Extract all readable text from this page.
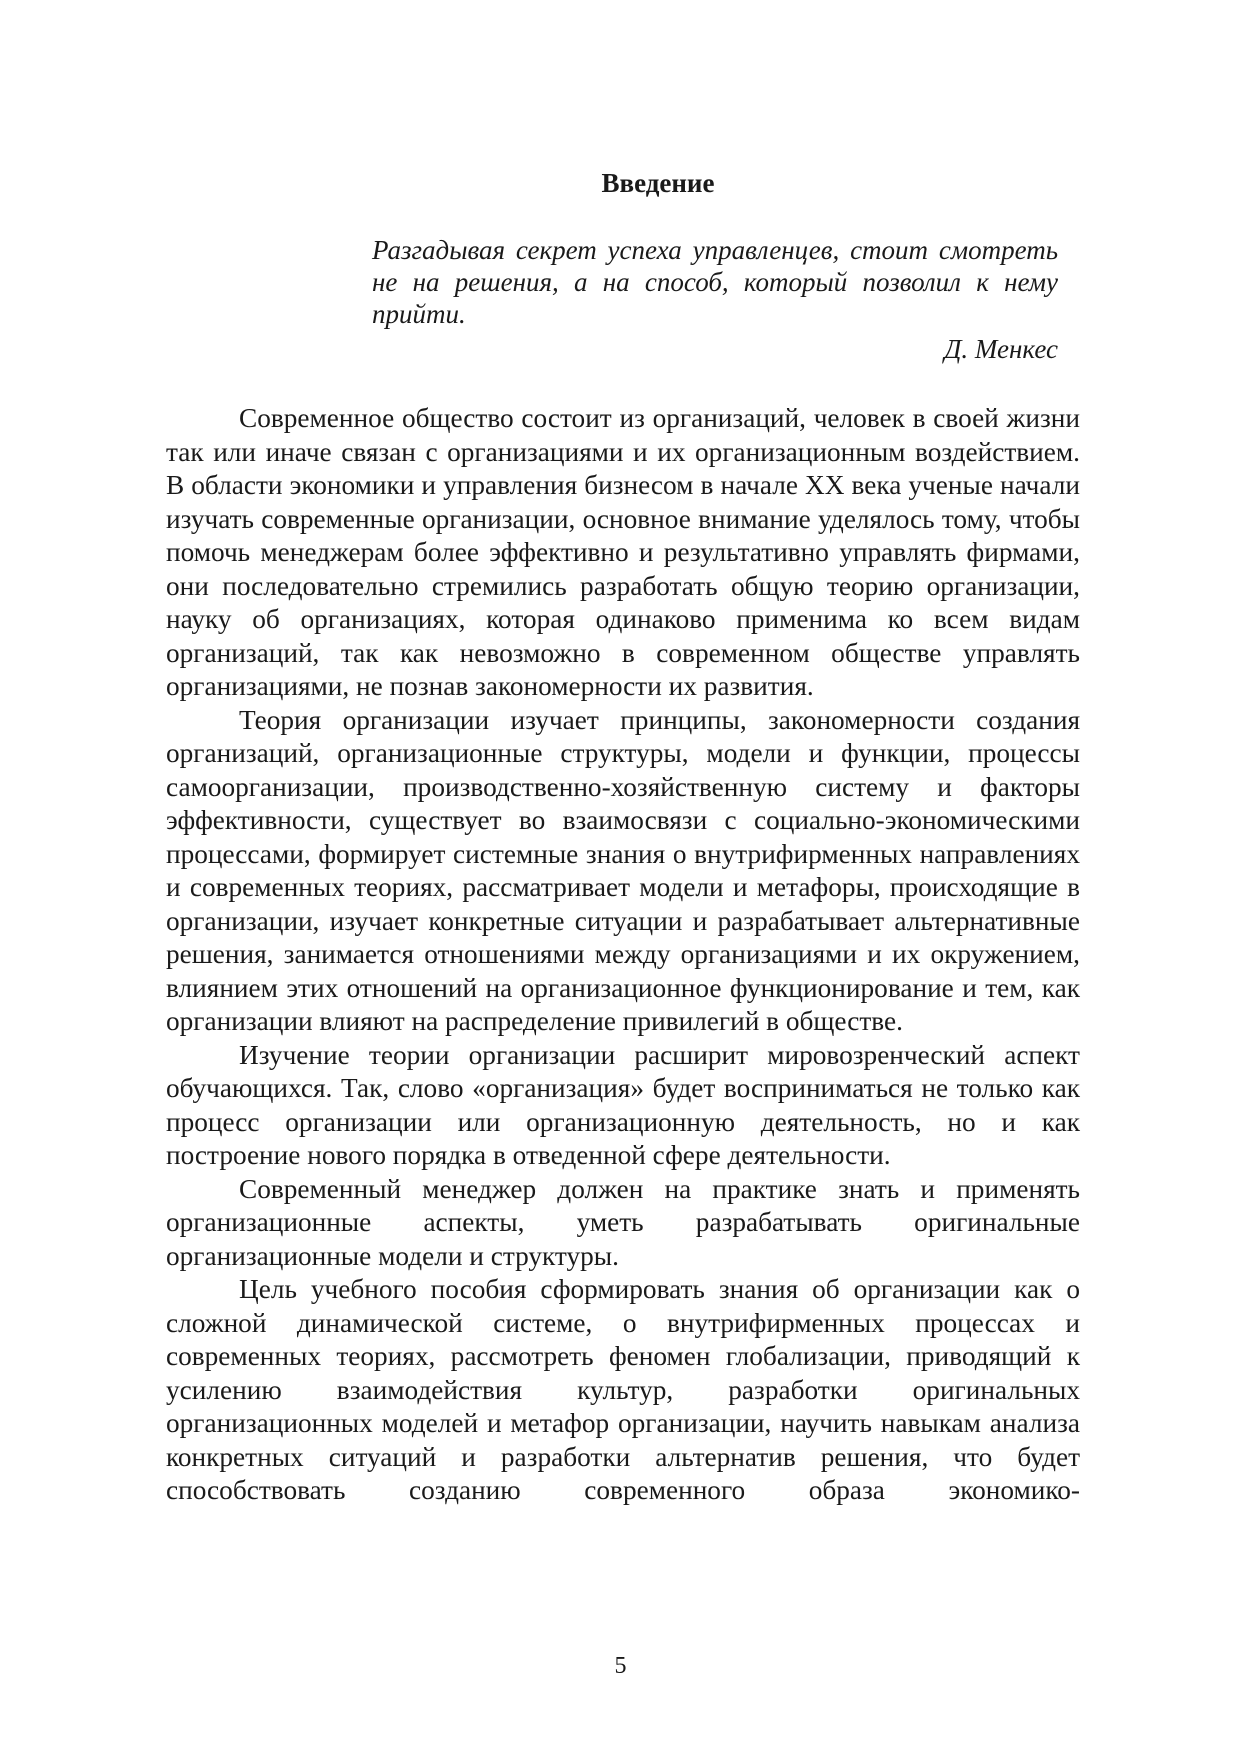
Введение

Разгадывая секрет успеха управленцев, стоит смотреть не на решения, а на способ, который позволил к нему прийти.

Д. Менкес

Современное общество состоит из организаций, человек в своей жизни так или иначе связан с организациями и их организационным воздействием. В области экономики и управления бизнесом в начале XX века ученые начали изучать современные организации, основное внимание уделялось тому, чтобы помочь менеджерам более эффективно и результативно управлять фирмами, они последовательно стремились разработать общую теорию организации, науку об организациях, которая одинаково применима ко всем видам организаций, так как невозможно в современном обществе управлять организациями, не познав закономерности их развития.

Теория организации изучает принципы, закономерности создания организаций, организационные структуры, модели и функции, процессы самоорганизации, производственно-хозяйственную систему и факторы эффективности, существует во взаимосвязи с социально-экономическими процессами, формирует системные знания о внутрифирменных направлениях и современных теориях, рассматривает модели и метафоры, происходящие в организации, изучает конкретные ситуации и разрабатывает альтернативные решения, занимается отношениями между организациями и их окружением, влиянием этих отношений на организационное функционирование и тем, как организации влияют на распределение привилегий в обществе.

Изучение теории организации расширит мировозренческий аспект обучающихся. Так, слово «организация» будет восприниматься не только как процесс организации или организационную деятельность, но и как построение нового порядка в отведенной сфере деятельности.

Современный менеджер должен на практике знать и применять организационные аспекты, уметь разрабатывать оригинальные организационные модели и структуры.

Цель учебного пособия сформировать знания об организации как о сложной динамической системе, о внутрифирменных процессах и современных теориях, рассмотреть феномен глобализации, приводящий к усилению взаимодействия культур, разработки оригинальных организационных моделей и метафор организации, научить навыкам анализа конкретных ситуаций и разработки альтернатив решения, что будет способствовать созданию современного образа экономико-

5
